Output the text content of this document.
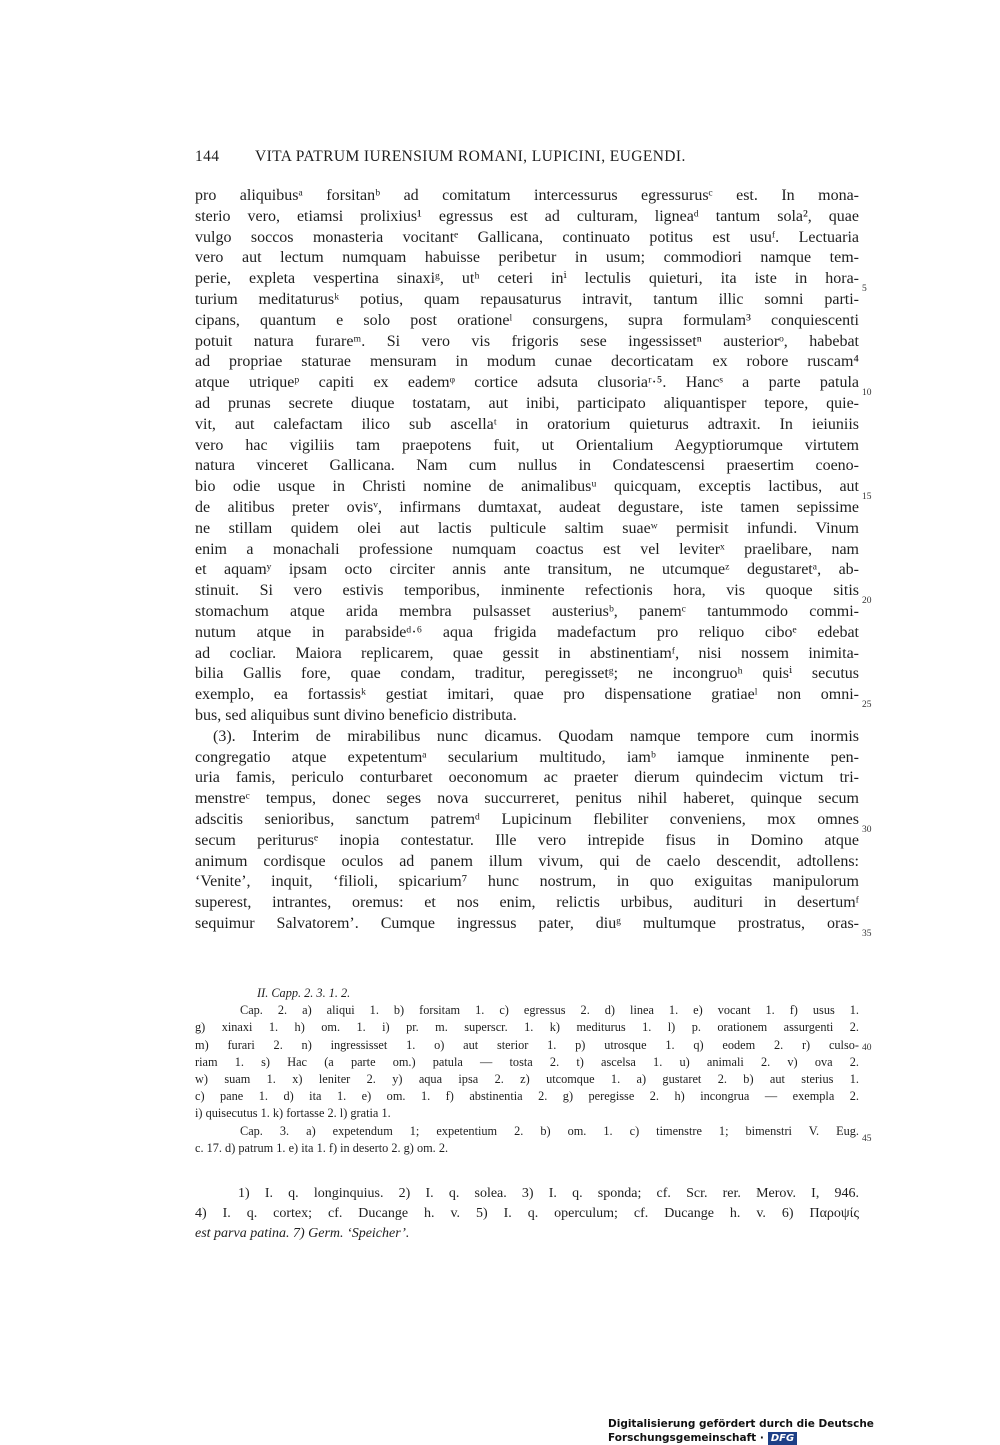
144 VITA PATRUM IURENSIUM ROMANI, LUPICINI, EUGENDI.
pro aliquibusᵃ forsitanᵇ ad comitatum intercessurus egressurusᶜ est. In mona-
sterio vero, etiamsi prolixius¹ egressus est ad culturam, ligneaᵈ tantum sola², quae
vulgo soccos monasteria vocitantᵉ Gallicana, continuato potitus est usuᶠ. Lectuaria
vero aut lectum numquam habuisse peribetur in usum; commodiori namque tem-
perie, expleta vespertina sinaxiᵍ, utʰ ceteri inⁱ lectulis quieturi, ita iste in hora-
turium meditaturusᵏ potius, quam repausaturus intravit, tantum illic somni parti-
cipans, quantum e solo post orationeˡ consurgens, supra formulam³ conquiescenti
potuit natura furareᵐ. Si vero vis frigoris sese ingessissetⁿ austeriorᵒ, habebat
ad propriae staturae mensuram in modum cunae decorticatam ex robore ruscam⁴
atque utriqueᵖ capiti ex eademᵠ cortice adsuta clusoriaʳ·⁵. Hancˢ a parte patula
ad prunas secrete diuque tostatam, aut inibi, participato aliquantisper tepore, quie-
vit, aut calefactam ilico sub ascellaᵗ in oratorium quieturus adtraxit. In ieiuniis
vero hac vigiliis tam praepotens fuit, ut Orientalium Aegyptiorumque virtutem
natura vinceret Gallicana. Nam cum nullus in Condatescensi praesertim coeno-
bio odie usque in Christi nomine de animalibusᵘ quicquam, exceptis lactibus, aut
de alitibus preter ovisᵛ, infirmans dumtaxat, audeat degustare, iste tamen sepissime
ne stillam quidem olei aut lactis pulticule saltim suaeʷ permisit infundi. Vinum
enim a monachali professione numquam coactus est vel leviterˣ praelibare, nam
et aquamʸ ipsam octo circiter annis ante transitum, ne utcumqueᶻ degustaretᵃ, ab-
stinuit. Si vero estivis temporibus, inminente refectionis hora, vis quoque sitis
stomachum atque arida membra pulsasset austeriusᵇ, panemᶜ tantummodo commi-
nutum atque in parabsideᵈ·⁶ aqua frigida madefactum pro reliquo ciboᵉ edebat
ad cocliar. Maiora replicarem, quae gessit in abstinentiamᶠ, nisi nossem inimita-
bilia Gallis fore, quae condam, traditur, peregissetᵍ; ne incongruoʰ quisⁱ secutus
exemplo, ea fortassisᵏ gestiat imitari, quae pro dispensatione gratiaeˡ non omni-
bus, sed aliquibus sunt divino beneficio distributa.
(3). Interim de mirabilibus nunc dicamus. Quodam namque tempore cum inormis
congregatio atque expetentumᵃ secularium multitudo, iamᵇ iamque inminente pen-
uria famis, periculo conturbaret oeconomum ac praeter dierum quindecim victum tri-
menstreᶜ tempus, donec seges nova succurreret, penitus nihil haberet, quinque secum
adscitis senioribus, sanctum patremᵈ Lupicinum flebiliter conveniens, mox omnes
secum periturusᵉ inopia contestatur. Ille vero intrepide fisus in Domino atque
animum cordisque oculos ad panem illum vivum, qui de caelo descendit, adtollens:
‘Venite’, inquit, ‘filioli, spicarium⁷ hunc nostrum, in quo exiguitas manipulorum
superest, intrantes, oremus: et nos enim, relictis urbibus, audituri in desertumᶠ
sequimur Salvatorem’. Cumque ingressus pater, diuᵍ multumque prostratus, oras-
5
10
15
20
25
30
35
40
45
II. Capp. 2. 3. 1. 2.
Cap. 2. a) aliqui 1. b) forsitam 1. c) egressus 2. d) linea 1. e) vocant 1. f) usus 1.
g) xinaxi 1. h) om. 1. i) pr. m. superscr. 1. k) mediturus 1. l) p. orationem assurgenti 2.
m) furari 2. n) ingressisset 1. o) aut sterior 1. p) utrosque 1. q) eodem 2. r) culso-
riam 1. s) Hac (a parte om.) patula — tosta 2. t) ascelsa 1. u) animali 2. v) ova 2.
w) suam 1. x) leniter 2. y) aqua ipsa 2. z) utcomque 1. a) gustaret 2. b) aut sterius 1.
c) pane 1. d) ita 1. e) om. 1. f) abstinentia 2. g) peregisse 2. h) incongrua — exempla 2.
i) quisecutus 1. k) fortasse 2. l) gratia 1.
Cap. 3. a) expetendum 1; expetentium 2. b) om. 1. c) timenstre 1; bimenstri V. Eug.
c. 17. d) patrum 1. e) ita 1. f) in deserto 2. g) om. 2.
1) I. q. longinquius. 2) I. q. solea. 3) I. q. sponda; cf. Scr. rer. Merov. I, 946.
4) I. q. cortex; cf. Ducange h. v. 5) I. q. operculum; cf. Ducange h. v. 6) Παροψίς
est parva patina. 7) Germ. ‘Speicher’.
Digitalisierung gefördert durch die Deutsche Forschungsgemeinschaft · DFG
